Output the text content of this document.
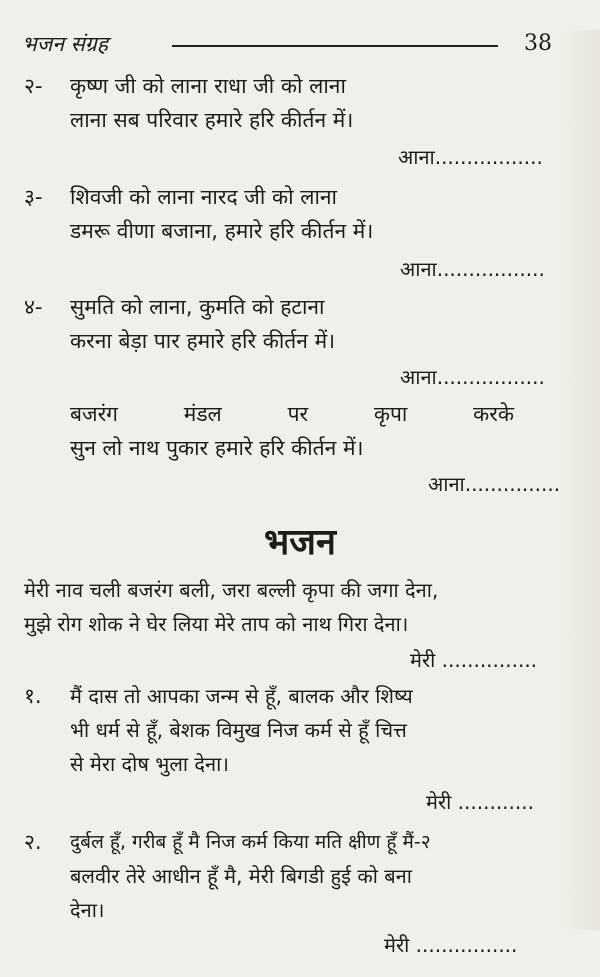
भजन संग्रह	38
२- कृष्ण जी को लाना राधा जी को लाना
लाना सब परिवार हमारे हरि कीर्तन में।
आना.................
३- शिवजी को लाना नारद जी को लाना
डमरू वीणा बजाना, हमारे हरि कीर्तन में।
आना.................
४- सुमति को लाना, कुमति को हटाना
करना बेड़ा पार हमारे हरि कीर्तन में।
आना.................
बजरंग	मंडल	पर	कृपा	करके
सुन लो नाथ पुकार हमारे हरि कीर्तन में।
आना...............
भजन
मेरी नाव चली बजरंग बली, जरा बल्ली कृपा की जगा देना,
मुझे रोग शोक ने घेर लिया मेरे ताप को नाथ गिरा देना।
मेरी ...............
१. मैं दास तो आपका जन्म से हूँ, बालक और शिष्य
भी धर्म से हूँ, बेशक विमुख निज कर्म से हूँ चित्त
से मेरा दोष भुला देना।
मेरी ............
२. दुर्बल हूँ, गरीब हूँ मै निज कर्म किया मति क्षीण हूँ मैं-२
बलवीर तेरे आधीन हूँ मै, मेरी बिगडी हुई को बना
देना।
मेरी ................
